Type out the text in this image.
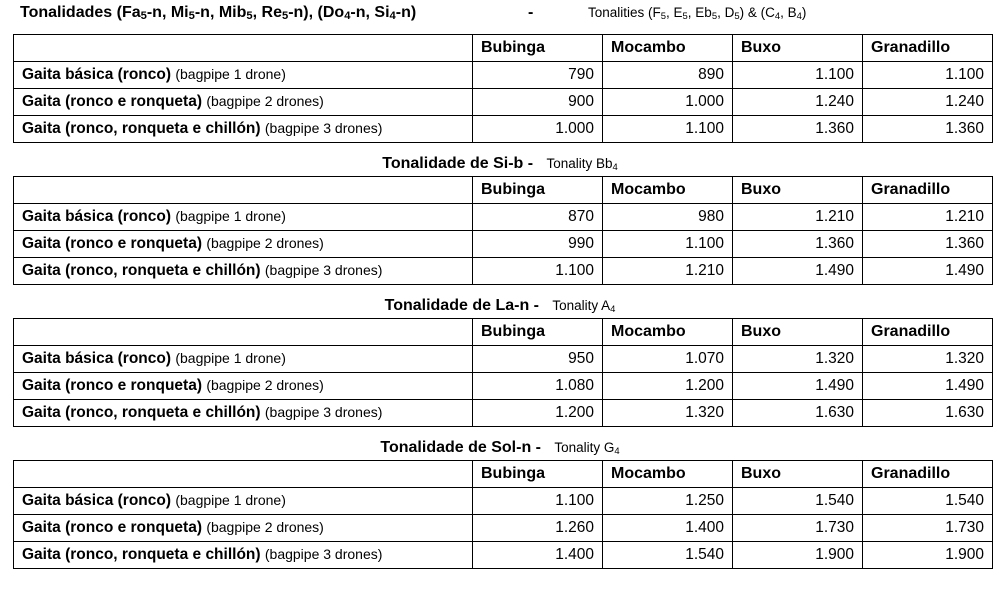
Tonalidades ($Fa_5-n$, $Mi_5-n$, Mib$_5$, $Re_5-n$), ($Do_4-n$, $Si_4-n$)	-	Tonalities ($F_5$, $E_5$, $Eb_5$, $D_5$) & ($C_4$, $B_4$)
	Bubinga	Mocambo	Buxo	Granadillo
Gaita básica (ronco) (bagpipe 1 drone)	790	890	1.100	1.100
Gaita (ronco e ronqueta) (bagpipe 2 drones)	900	1.000	1.240	1.240
Gaita (ronco, ronqueta e chillón) (bagpipe 3 drones)	1.000	1.100	1.360	1.360
Tonalidade de Si-b - Tonality $Bb_4$
	Bubinga	Mocambo	Buxo	Granadillo
Gaita básica (ronco) (bagpipe 1 drone)	870	980	1.210	1.210
Gaita (ronco e ronqueta) (bagpipe 2 drones)	990	1.100	1.360	1.360
Gaita (ronco, ronqueta e chillón) (bagpipe 3 drones)	1.100	1.210	1.490	1.490
Tonalidade de La-n - Tonality $A_4$
	Bubinga	Mocambo	Buxo	Granadillo
Gaita básica (ronco) (bagpipe 1 drone)	950	1.070	1.320	1.320
Gaita (ronco e ronqueta) (bagpipe 2 drones)	1.080	1.200	1.490	1.490
Gaita (ronco, ronqueta e chillón) (bagpipe 3 drones)	1.200	1.320	1.630	1.630
Tonalidade de Sol-n - Tonality $G_4$
	Bubinga	Mocambo	Buxo	Granadillo
Gaita básica (ronco) (bagpipe 1 drone)	1.100	1.250	1.540	1.540
Gaita (ronco e ronqueta) (bagpipe 2 drones)	1.260	1.400	1.730	1.730
Gaita (ronco, ronqueta e chillón) (bagpipe 3 drones)	1.400	1.540	1.900	1.900
